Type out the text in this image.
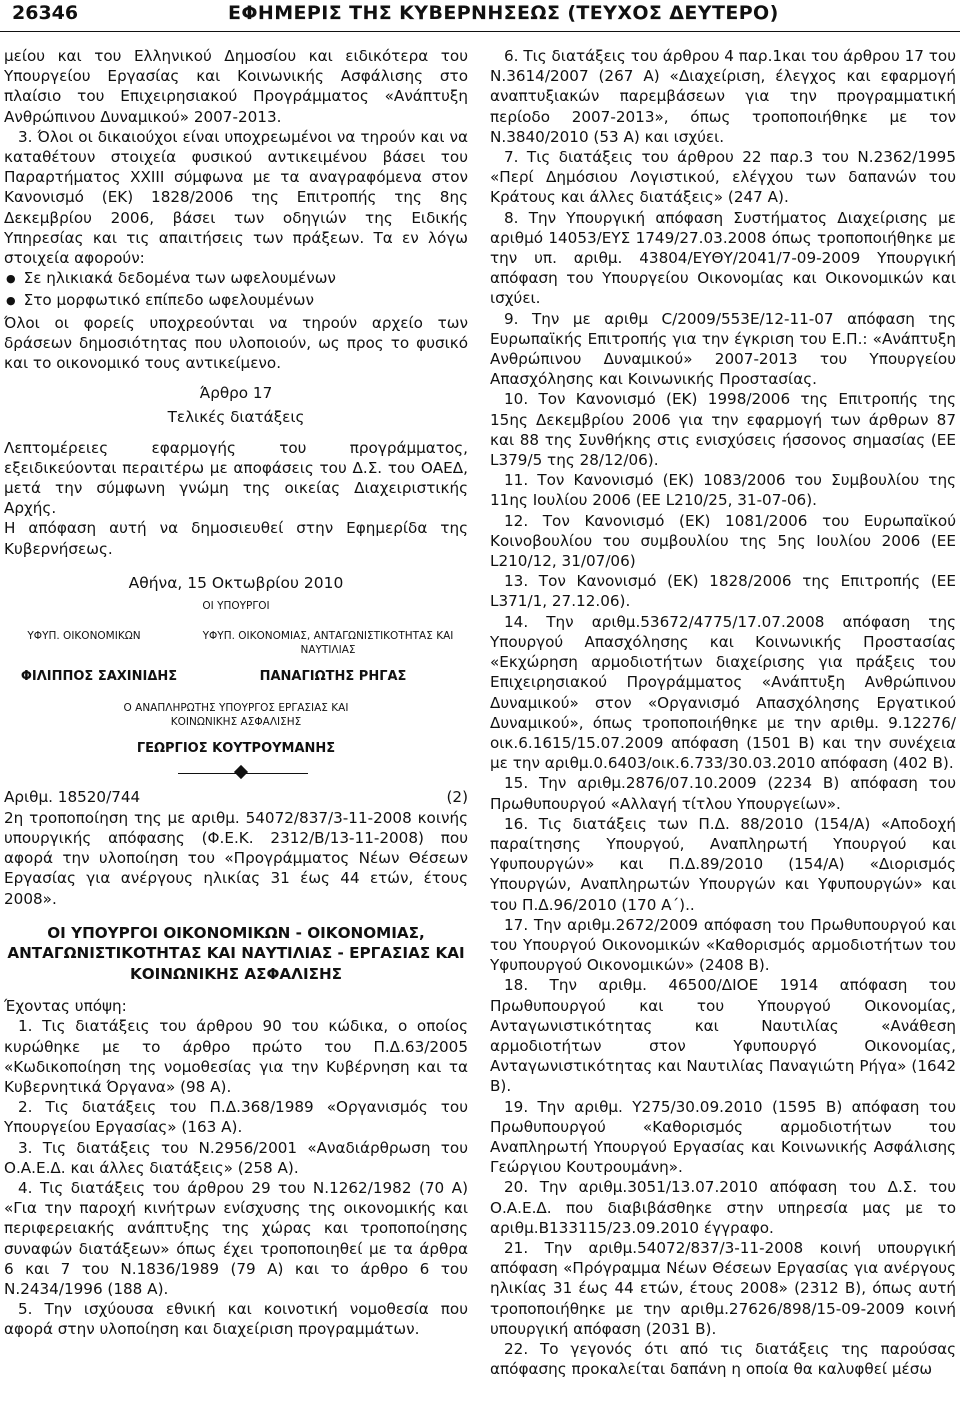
26346	ΕΦΗΜΕΡΙΣ ΤΗΣ ΚΥΒΕΡΝΗΣΕΩΣ (ΤΕΥΧΟΣ ΔΕΥΤΕΡΟ)

μείου και του Ελληνικού Δημοσίου και ειδικότερα του Υπουργείου Εργασίας και Κοινωνικής Ασφάλισης στο πλαίσιο του Επιχειρησιακού Προγράμματος «Ανάπτυξη Ανθρώπινου Δυναμικού» 2007-2013.

3. Όλοι οι δικαιούχοι είναι υποχρεωμένοι να τηρούν και να καταθέτουν στοιχεία φυσικού αντικειμένου βάσει του Παραρτήματος XXIII σύμφωνα με τα αναγραφόμενα στον Κανονισμό (ΕΚ) 1828/2006 της Επιτροπής της 8ης Δεκεμβρίου 2006, βάσει των οδηγιών της Ειδικής Υπηρεσίας και τις απαιτήσεις των πράξεων. Τα εν λόγω στοιχεία αφορούν:

● Σε ηλικιακά δεδομένα των ωφελουμένων

● Στο μορφωτικό επίπεδο ωφελουμένων

Όλοι οι φορείς υποχρεούνται να τηρούν αρχείο των δράσεων δημοσιότητας που υλοποιούν, ως προς το φυσικό και το οικονομικό τους αντικείμενο.

Άρθρο 17

Τελικές διατάξεις

Λεπτομέρειες εφαρμογής του προγράμματος, εξειδικεύονται περαιτέρω με αποφάσεις του Δ.Σ. του ΟΑΕΔ, μετά την σύμφωνη γνώμη της οικείας Διαχειριστικής Αρχής.

Η απόφαση αυτή να δημοσιευθεί στην Εφημερίδα της Κυβερνήσεως.

Αθήνα, 15 Οκτωβρίου 2010

ΟΙ ΥΠΟΥΡΓΟΙ

ΥΦΥΠ. ΟΙΚΟΝΟΜΙΚΩΝ	ΥΦΥΠ. ΟΙΚΟΝΟΜΙΑΣ, ΑΝΤΑΓΩΝΙΣΤΙΚΟΤΗΤΑΣ ΚΑΙ ΝΑΥΤΙΛΙΑΣ
ΦΙΛΙΠΠΟΣ ΣΑΧΙΝΙΔΗΣ	ΠΑΝΑΓΙΩΤΗΣ ΡΗΓΑΣ

Ο ΑΝΑΠΛΗΡΩΤΗΣ ΥΠΟΥΡΓΟΣ ΕΡΓΑΣΙΑΣ ΚΑΙ ΚΟΙΝΩΝΙΚΗΣ ΑΣΦΑΛΙΣΗΣ

ΓΕΩΡΓΙΟΣ ΚΟΥΤΡΟΥΜΑΝΗΣ

Αριθμ. 18520/744	(2)

2η τροποποίηση της με αριθμ. 54072/837/3-11-2008 κοινής υπουργικής απόφασης (Φ.Ε.Κ. 2312/Β/13-11-2008) που αφορά την υλοποίηση του «Προγράμματος Νέων Θέσεων Εργασίας για ανέργους ηλικίας 31 έως 44 ετών, έτους 2008».

ΟΙ ΥΠΟΥΡΓΟΙ ΟΙΚΟΝΟΜΙΚΩΝ - ΟΙΚΟΝΟΜΙΑΣ, ΑΝΤΑΓΩΝΙΣΤΙΚΟΤΗΤΑΣ ΚΑΙ ΝΑΥΤΙΛΙΑΣ - ΕΡΓΑΣΙΑΣ ΚΑΙ ΚΟΙΝΩΝΙΚΗΣ ΑΣΦΑΛΙΣΗΣ

Έχοντας υπόψη:

1. Τις διατάξεις του άρθρου 90 του κώδικα, ο οποίος κυρώθηκε με το άρθρο πρώτο του Π.Δ.63/2005 «Κωδικοποίηση της νομοθεσίας για την Κυβέρνηση και τα Κυβερνητικά Όργανα» (98 Α).

2. Τις διατάξεις του Π.Δ.368/1989 «Οργανισμός του Υπουργείου Εργασίας» (163 Α).

3. Τις διατάξεις του Ν.2956/2001 «Αναδιάρθρωση του Ο.Α.Ε.Δ. και άλλες διατάξεις» (258 Α).

4. Τις διατάξεις του άρθρου 29 του Ν.1262/1982 (70 Α) «Για την παροχή κινήτρων ενίσχυσης της οικονομικής και περιφερειακής ανάπτυξης της χώρας και τροποποίησης συναφών διατάξεων» όπως έχει τροποποιηθεί με τα άρθρα 6 και 7 του Ν.1836/1989 (79 Α) και το άρθρο 6 του Ν.2434/1996 (188 Α).

5. Την ισχύουσα εθνική και κοινοτική νομοθεσία που αφορά στην υλοποίηση και διαχείριση προγραμμάτων.

6. Τις διατάξεις του άρθρου 4 παρ.1και του άρθρου 17 του Ν.3614/2007 (267 Α) «Διαχείριση, έλεγχος και εφαρμογή αναπτυξιακών παρεμβάσεων για την προγραμματική περίοδο 2007-2013», όπως τροποποιήθηκε με τον Ν.3840/2010 (53 Α) και ισχύει.

7. Τις διατάξεις του άρθρου 22 παρ.3 του Ν.2362/1995 «Περί Δημόσιου Λογιστικού, ελέγχου των δαπανών του Κράτους και άλλες διατάξεις» (247 Α).

8. Την Υπουργική απόφαση Συστήματος Διαχείρισης με αριθμό 14053/ΕΥΣ 1749/27.03.2008 όπως τροποποιήθηκε με την υπ. αριθμ. 43804/ΕΥΘΥ/2041/7-09-2009 Υπουργική απόφαση του Υπουργείου Οικονομίας και Οικονομικών και ισχύει.

9. Την με αριθμ C/2009/553Ε/12-11-07 απόφαση της Ευρωπαϊκής Επιτροπής για την έγκριση του Ε.Π.: «Ανάπτυξη Ανθρώπινου Δυναμικού» 2007-2013 του Υπουργείου Απασχόλησης και Κοινωνικής Προστασίας.

10. Τον Κανονισμό (ΕΚ) 1998/2006 της Επιτροπής της 15ης Δεκεμβρίου 2006 για την εφαρμογή των άρθρων 87 και 88 της Συνθήκης στις ενισχύσεις ήσσονος σημασίας (ΕΕ L379/5 της 28/12/06).

11. Τον Κανονισμό (ΕΚ) 1083/2006 του Συμβουλίου της 11ης Ιουλίου 2006 (ΕΕ L210/25, 31-07-06).

12. Τον Κανονισμό (ΕΚ) 1081/2006 του Ευρωπαϊκού Κοινοβουλίου του συμβουλίου της 5ης Ιουλίου 2006 (ΕΕ L210/12, 31/07/06)

13. Τον Κανονισμό (ΕΚ) 1828/2006 της Επιτροπής (ΕΕ L371/1, 27.12.06).

14. Την αριθμ.53672/4775/17.07.2008 απόφαση της Υπουργού Απασχόλησης και Κοινωνικής Προστασίας «Εκχώρηση αρμοδιοτήτων διαχείρισης για πράξεις του Επιχειρησιακού Προγράμματος «Ανάπτυξη Ανθρώπινου Δυναμικού» στον «Οργανισμό Απασχόλησης Εργατικού Δυναμικού», όπως τροποποιήθηκε με την αριθμ. 9.12276/ οικ.6.1615/15.07.2009 απόφαση (1501 Β) και την συνέχεια με την αριθμ.0.6403/οικ.6.733/30.03.2010 απόφαση (402 Β).

15. Την αριθμ.2876/07.10.2009 (2234 Β) απόφαση του Πρωθυπουργού «Αλλαγή τίτλου Υπουργείων».

16. Τις διατάξεις των Π.Δ. 88/2010 (154/Α) «Αποδοχή παραίτησης Υπουργού, Αναπληρωτή Υπουργού και Υφυπουργών» και Π.Δ.89/2010 (154/Α) «Διορισμός Υπουργών, Αναπληρωτών Υπουργών και Υφυπουργών» και του Π.Δ.96/2010 (170 Α΄)..

17. Την αριθμ.2672/2009 απόφαση του Πρωθυπουργού και του Υπουργού Οικονομικών «Καθορισμός αρμοδιοτήτων του Υφυπουργού Οικονομικών» (2408 Β).

18. Την αριθμ. 46500/ΔΙΟΕ 1914 απόφαση του Πρωθυπουργού και του Υπουργού Οικονομίας, Ανταγωνιστικότητας και Ναυτιλίας «Ανάθεση αρμοδιοτήτων στον Υφυπουργό Οικονομίας, Ανταγωνιστικότητας και Ναυτιλίας Παναγιώτη Ρήγα» (1642 Β).

19. Την αριθμ. Υ275/30.09.2010 (1595 Β) απόφαση του Πρωθυπουργού «Καθορισμός αρμοδιοτήτων του Αναπληρωτή Υπουργού Εργασίας και Κοινωνικής Ασφάλισης Γεώργιου Κουτρουμάνη».

20. Την αριθμ.3051/13.07.2010 απόφαση του Δ.Σ. του Ο.Α.Ε.Δ. που διαβιβάσθηκε στην υπηρεσία μας με το αριθμ.Β133115/23.09.2010 έγγραφο.

21. Την αριθμ.54072/837/3-11-2008 κοινή υπουργική απόφαση «Πρόγραμμα Νέων Θέσεων Εργασίας για ανέργους ηλικίας 31 έως 44 ετών, έτους 2008» (2312 Β), όπως αυτή τροποποιήθηκε με την αριθμ.27626/898/15-09-2009 κοινή υπουργική απόφαση (2031 Β).

22. Το γεγονός ότι από τις διατάξεις της παρούσας απόφασης προκαλείται δαπάνη η οποία θα καλυφθεί μέσω
